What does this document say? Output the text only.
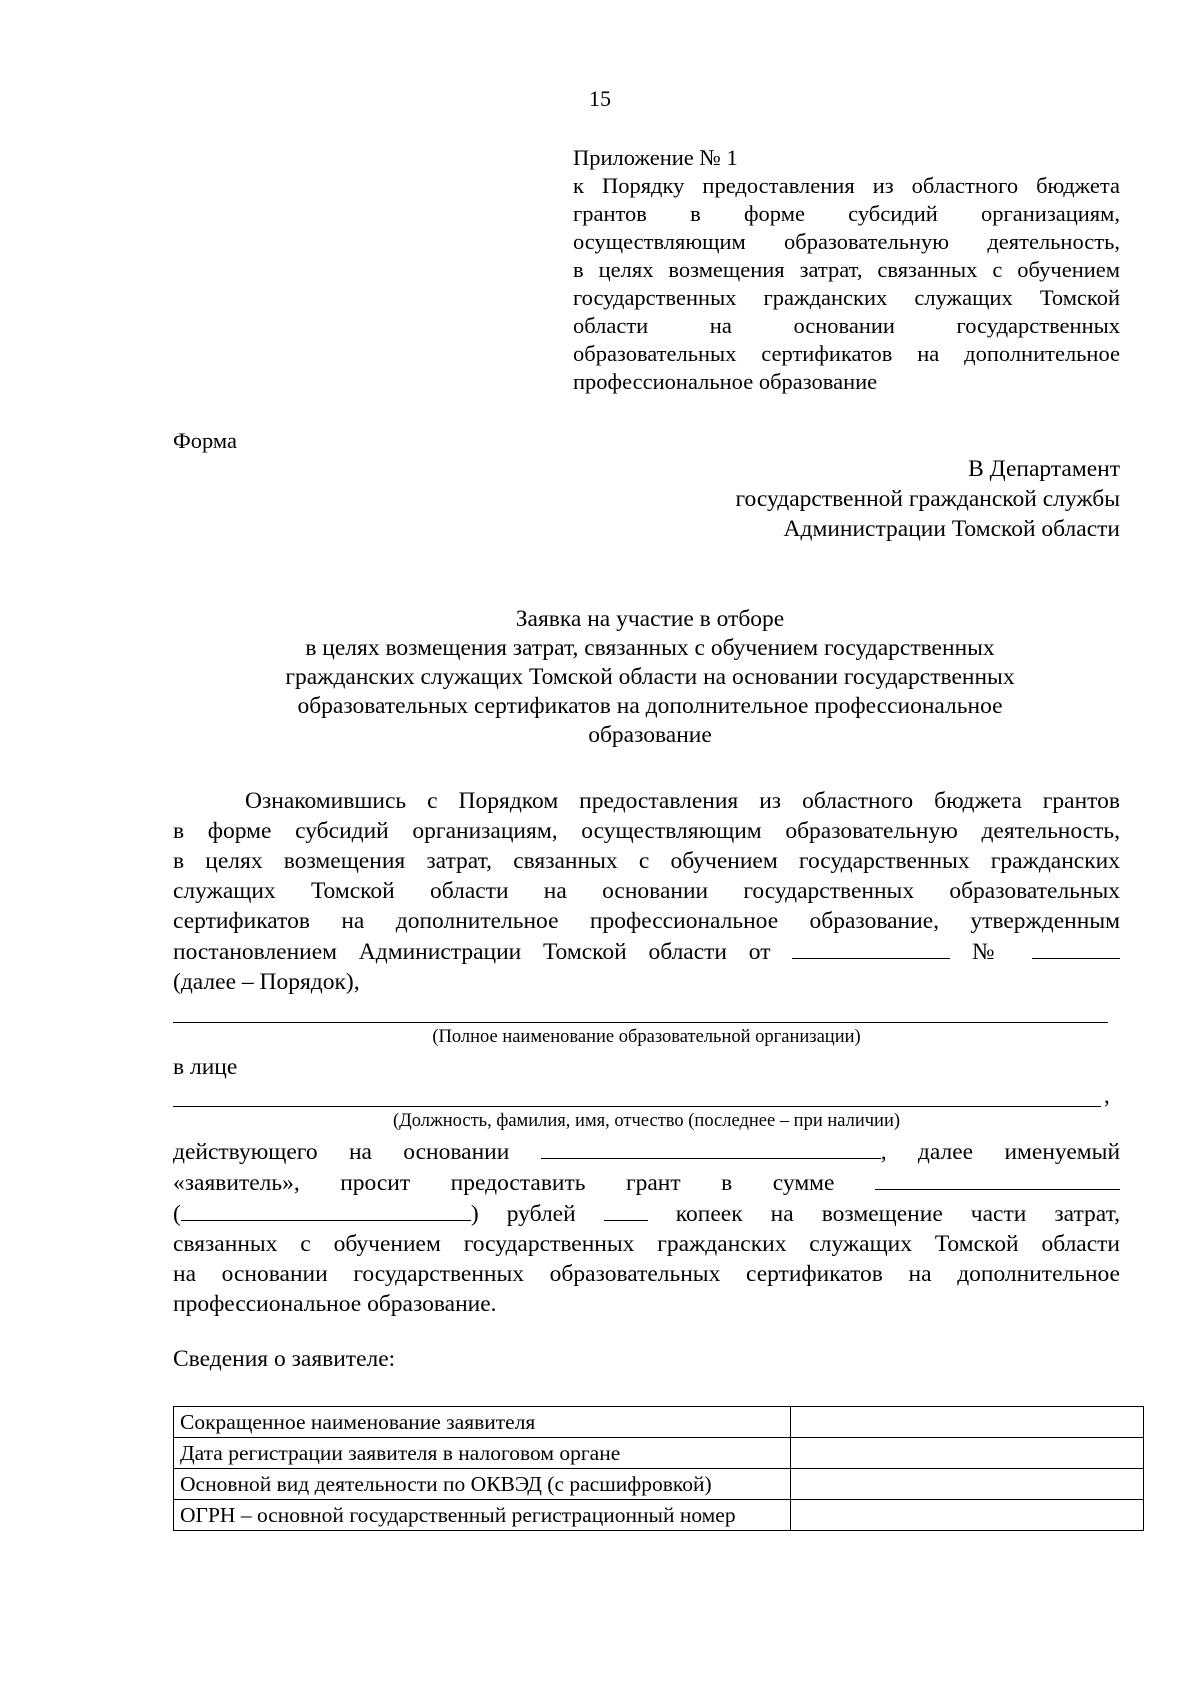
15
Приложение № 1
к Порядку предоставления из областного бюджета
грантов в форме субсидий организациям,
осуществляющим образовательную деятельность,
в целях возмещения затрат, связанных с обучением
государственных гражданских служащих Томской
области на основании государственных
образовательных сертификатов на дополнительное
профессиональное образование
Форма
В Департамент
государственной гражданской службы
Администрации Томской области
Заявка на участие в отборе
в целях возмещения затрат, связанных с обучением государственных
гражданских служащих Томской области на основании государственных
образовательных сертификатов на дополнительное профессиональное
образование
Ознакомившись с Порядком предоставления из областного бюджета грантов
в форме субсидий организациям, осуществляющим образовательную деятельность,
в целях возмещения затрат, связанных с обучением государственных гражданских
служащих Томской области на основании государственных образовательных
сертификатов на дополнительное профессиональное образование, утвержденным
постановлением Администрации Томской области от	№
(далее – Порядок),
(Полное наименование образовательной организации)
в лице
,
(Должность, фамилия, имя, отчество (последнее – при наличии)
действующего на основании	, далее именуемый
«заявитель», просит предоставить грант в сумме
(	) рублей	копеек на возмещение части затрат,
связанных с обучением государственных гражданских служащих Томской области
на основании государственных образовательных сертификатов на дополнительное
профессиональное образование.
Сведения о заявителе:
Сокращенное наименование заявителя	
Дата регистрации заявителя в налоговом органе	
Основной вид деятельности по ОКВЭД (с расшифровкой)	
ОГРН – основной государственный регистрационный номер	
